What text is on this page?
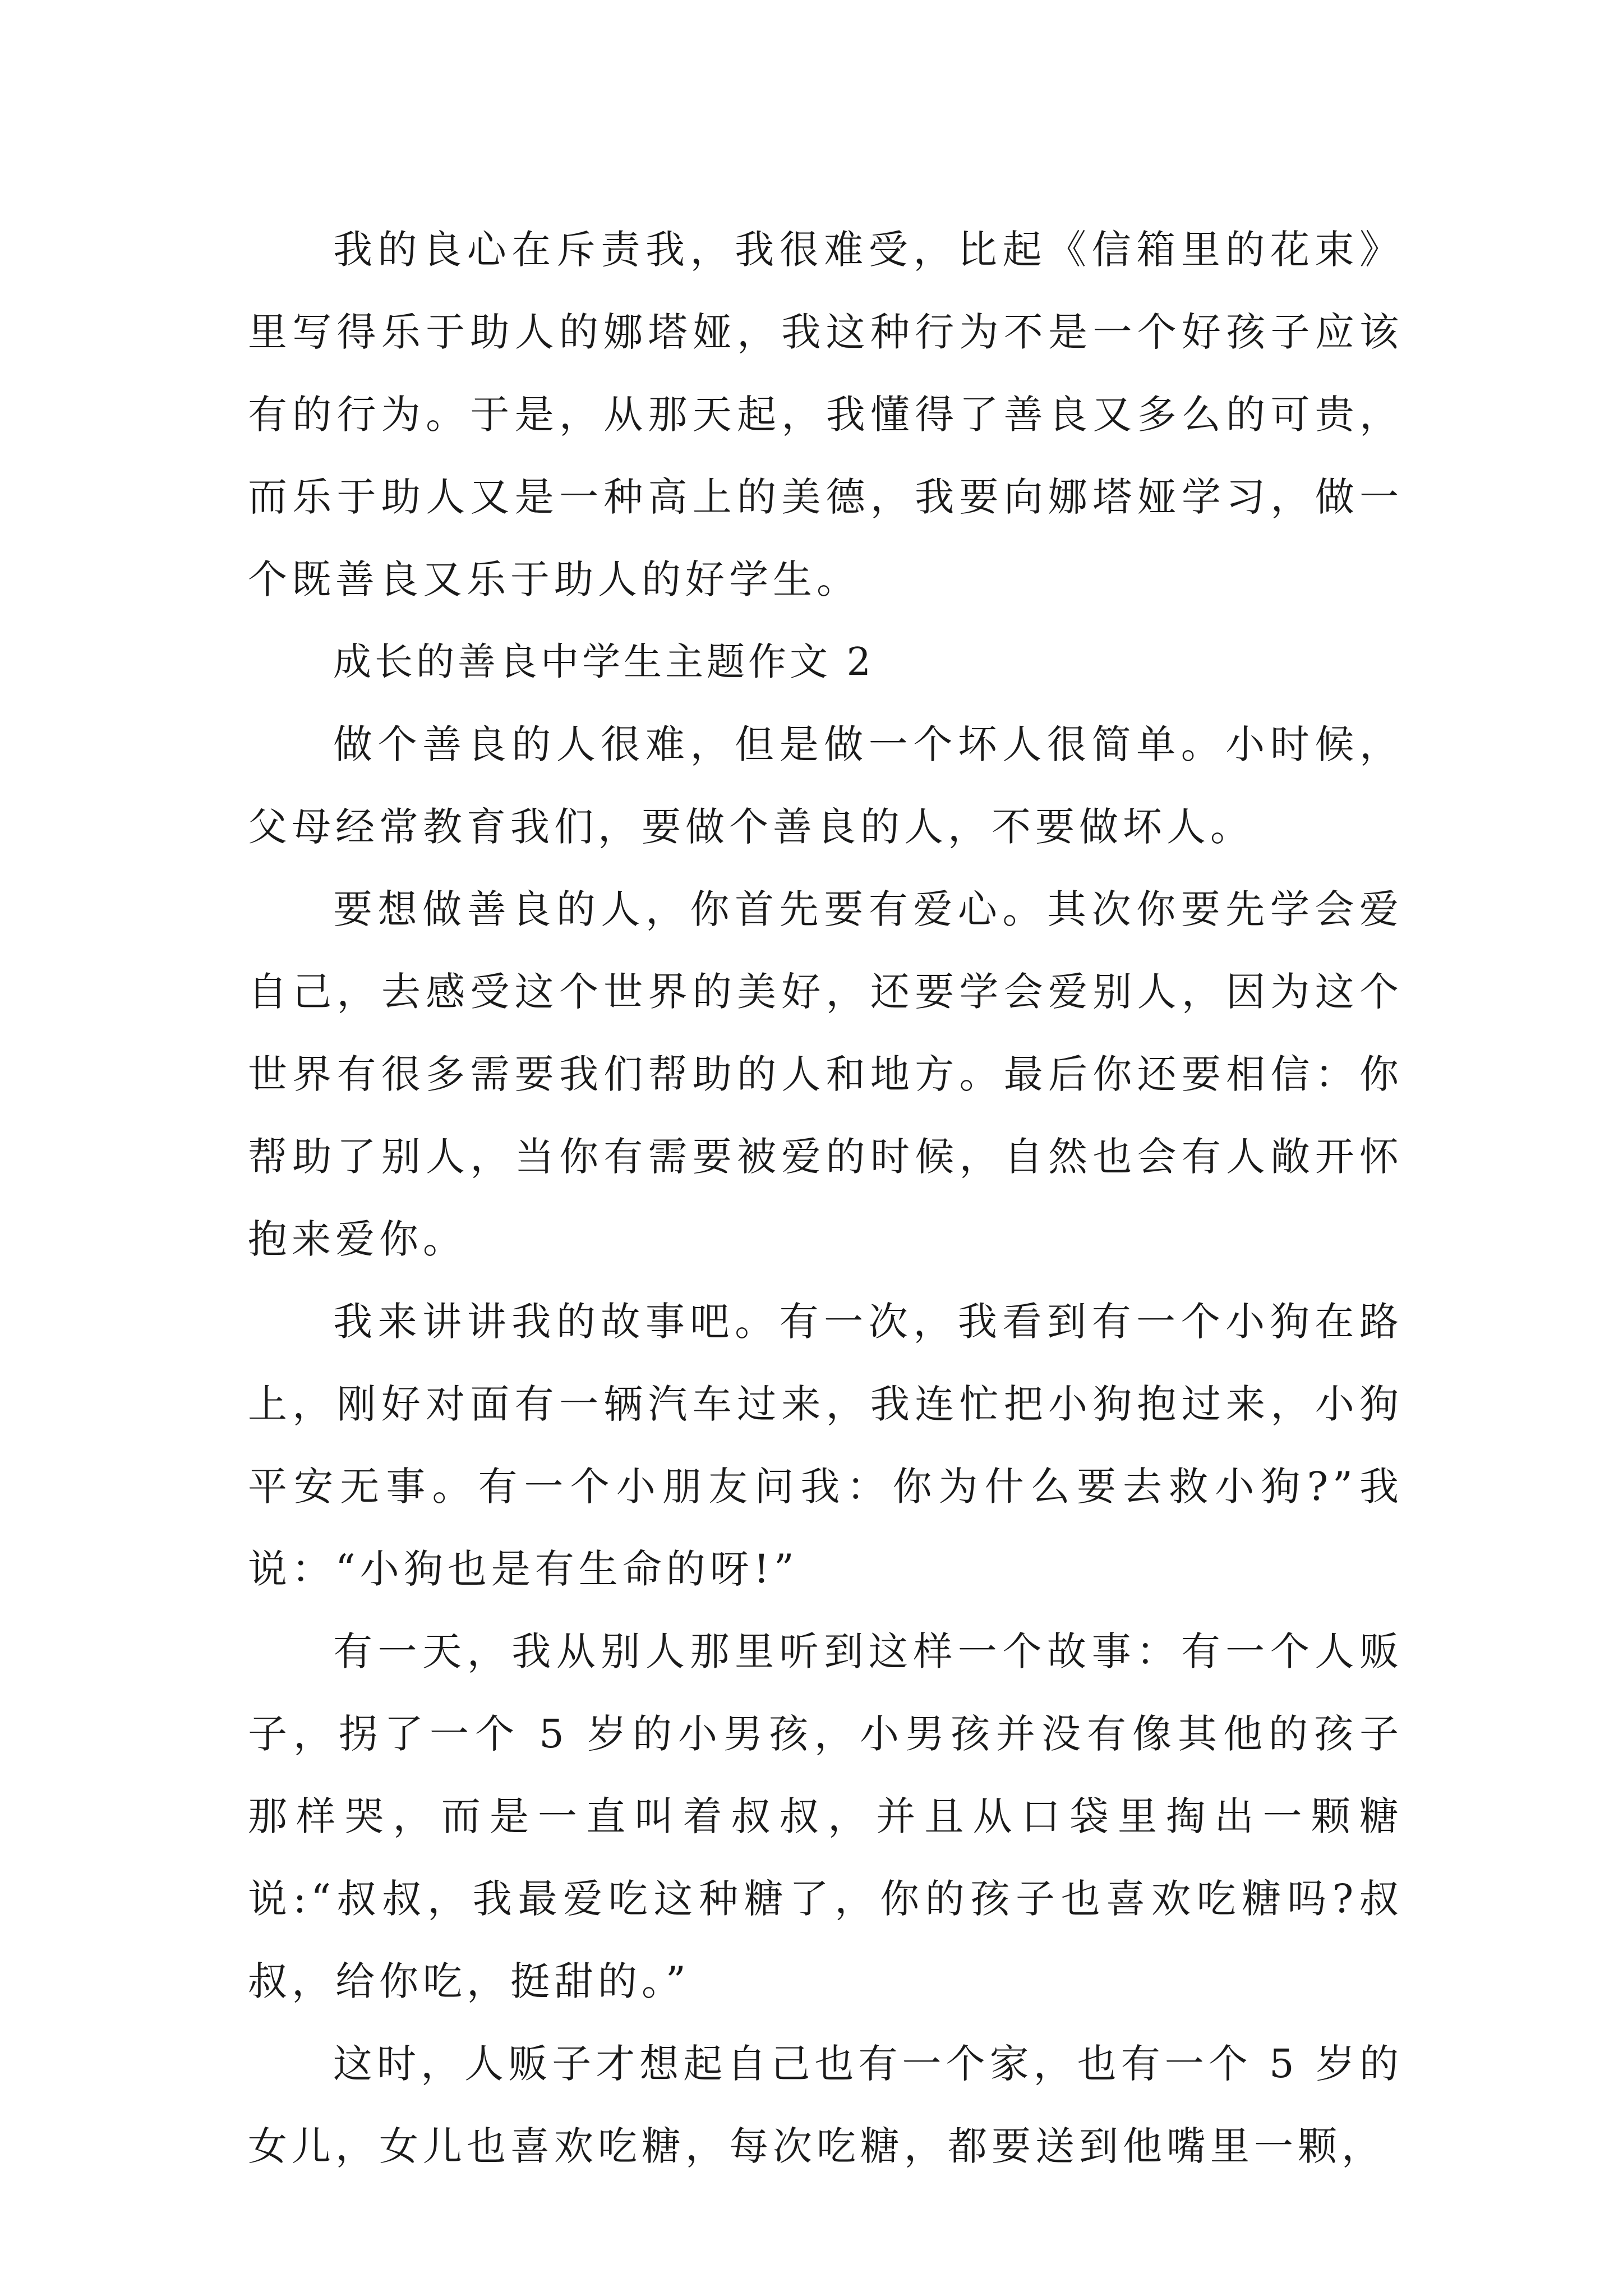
我的良心在斥责我，我很难受，比起《信箱里的花束》里写得乐于助人的娜塔娅，我这种行为不是一个好孩子应该有的行为。于是，从那天起，我懂得了善良又多么的可贵，而乐于助人又是一种高上的美德，我要向娜塔娅学习，做一个既善良又乐于助人的好学生。

成长的善良中学生主题作文 2

做个善良的人很难，但是做一个坏人很简单。小时候，父母经常教育我们，要做个善良的人，不要做坏人。

要想做善良的人，你首先要有爱心。其次你要先学会爱自己，去感受这个世界的美好，还要学会爱别人，因为这个世界有很多需要我们帮助的人和地方。最后你还要相信：你帮助了别人，当你有需要被爱的时候，自然也会有人敞开怀抱来爱你。

我来讲讲我的故事吧。有一次，我看到有一个小狗在路上，刚好对面有一辆汽车过来，我连忙把小狗抱过来，小狗平安无事。有一个小朋友问我：你为什么要去救小狗?”我说：“小狗也是有生命的呀!”

有一天，我从别人那里听到这样一个故事：有一个人贩子，拐了一个 5 岁的小男孩，小男孩并没有像其他的孩子那样哭，而是一直叫着叔叔，并且从口袋里掏出一颗糖说:“叔叔，我最爱吃这种糖了，你的孩子也喜欢吃糖吗?叔叔，给你吃，挺甜的。”

这时，人贩子才想起自己也有一个家，也有一个 5 岁的女儿，女儿也喜欢吃糖，每次吃糖，都要送到他嘴里一颗，
